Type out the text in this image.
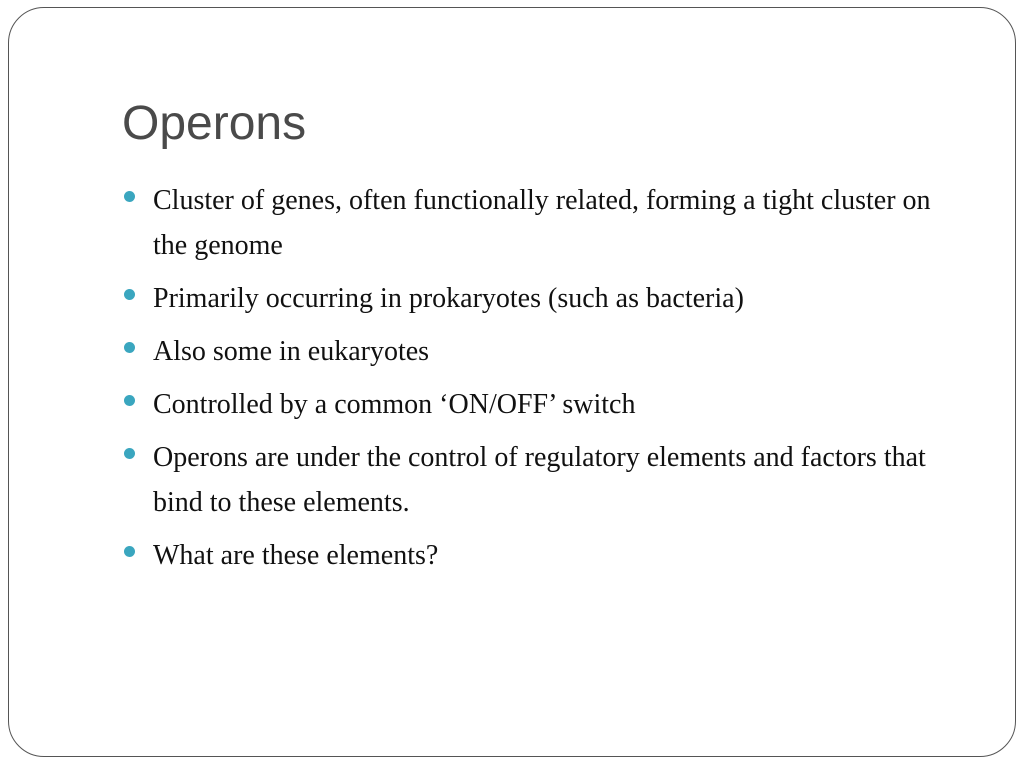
Operons
Cluster of genes, often functionally related, forming a tight cluster on the genome
Primarily occurring in prokaryotes (such as bacteria)
Also some in eukaryotes
Controlled by a common ‘ON/OFF’ switch
Operons are under the control of regulatory elements and factors that bind to these elements.
What are these elements?
